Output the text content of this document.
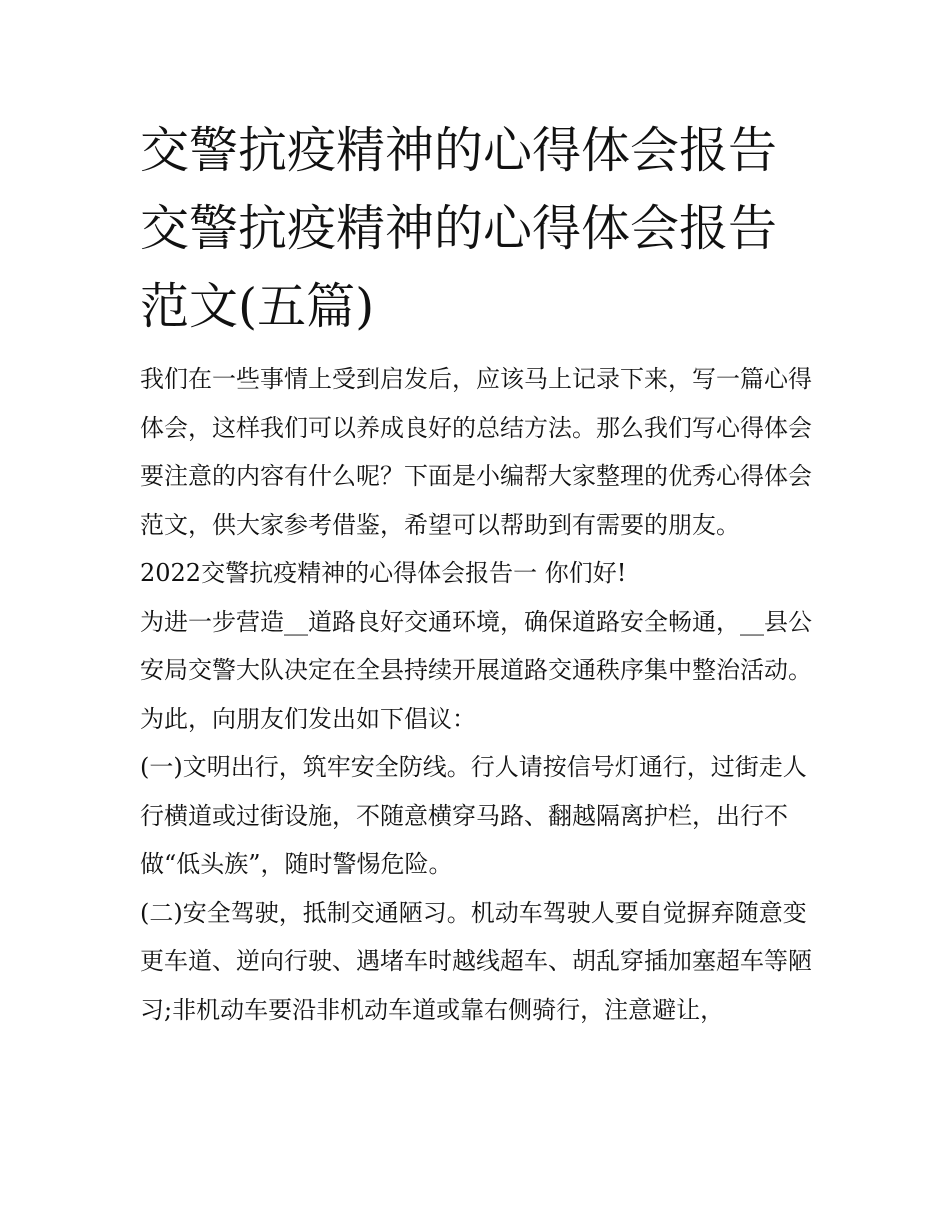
交警抗疫精神的心得体会报告
交警抗疫精神的心得体会报告
范文(五篇)

我们在一些事情上受到启发后，应该马上记录下来，写一篇心得体会，这样我们可以养成良好的总结方法。那么我们写心得体会要注意的内容有什么呢？下面是小编帮大家整理的优秀心得体会范文，供大家参考借鉴，希望可以帮助到有需要的朋友。

2022交警抗疫精神的心得体会报告一 你们好!

为进一步营造__道路良好交通环境，确保道路安全畅通，__县公安局交警大队决定在全县持续开展道路交通秩序集中整治活动。为此，向朋友们发出如下倡议：

(一)文明出行，筑牢安全防线。行人请按信号灯通行，过街走人行横道或过街设施，不随意横穿马路、翻越隔离护栏，出行不做“低头族”，随时警惕危险。

(二)安全驾驶，抵制交通陋习。机动车驾驶人要自觉摒弃随意变更车道、逆向行驶、遇堵车时越线超车、胡乱穿插加塞超车等陋习;非机动车要沿非机动车道或靠右侧骑行，注意避让，
